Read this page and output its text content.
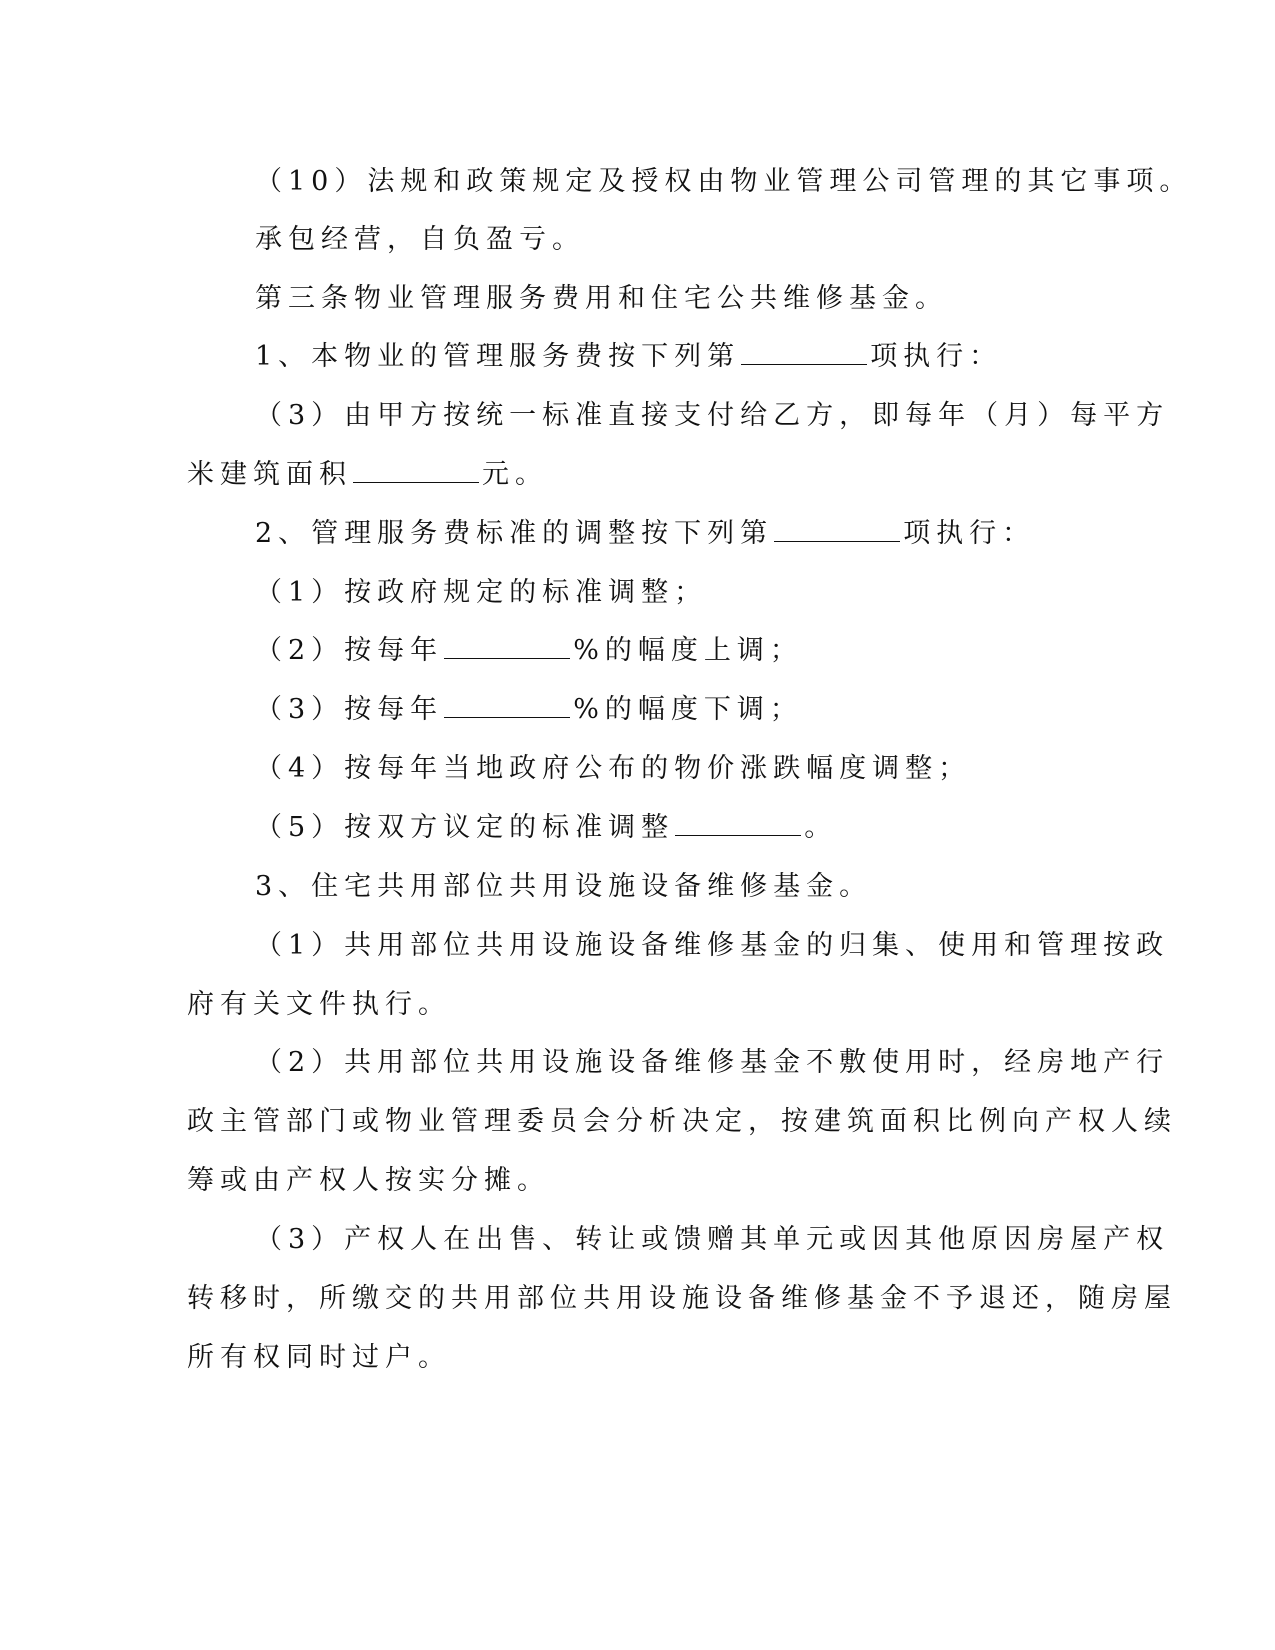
（10）法规和政策规定及授权由物业管理公司管理的其它事项。
承包经营，自负盈亏。
第三条物业管理服务费用和住宅公共维修基金。
1、本物业的管理服务费按下列第	项执行：
（3）由甲方按统一标准直接支付给乙方，即每年（月）每平方
米建筑面积	元。
2、管理服务费标准的调整按下列第	项执行：
（1）按政府规定的标准调整；
（2）按每年	%的幅度上调；
（3）按每年	%的幅度下调；
（4）按每年当地政府公布的物价涨跌幅度调整；
（5）按双方议定的标准调整	。
3、住宅共用部位共用设施设备维修基金。
（1）共用部位共用设施设备维修基金的归集、使用和管理按政
府有关文件执行。
（2）共用部位共用设施设备维修基金不敷使用时，经房地产行
政主管部门或物业管理委员会分析决定，按建筑面积比例向产权人续
筹或由产权人按实分摊。
（3）产权人在出售、转让或馈赠其单元或因其他原因房屋产权
转移时，所缴交的共用部位共用设施设备维修基金不予退还，随房屋
所有权同时过户。
